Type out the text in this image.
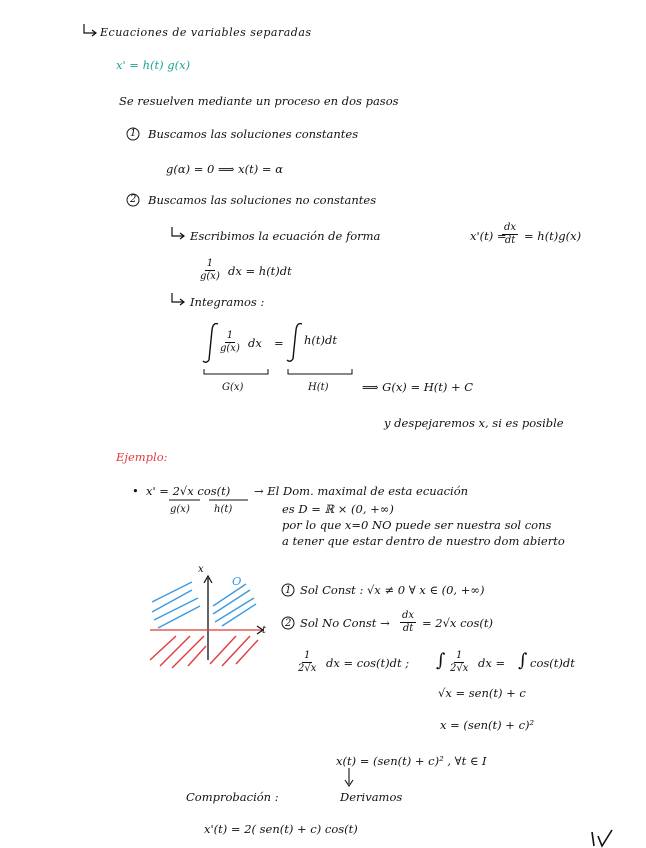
Ecuaciones de variables separadas
x' = h(t) g(x)
Se resuelven mediante un proceso en dos pasos
1 Buscamos las soluciones constantes
g(α) = 0 ⟹ x(t) = α
2 Buscamos las soluciones no constantes
Escribimos la ecuación de forma	x'(t) =
$\frac{dx}{dt} = h(t)g(x)$
$\frac{1}{g(x)}$ dx = h(t)dt
Integramos :
$\frac{1}{g(x)}$ dx = h(t)dt
G(x)	H(t)	⟹ G(x) = H(t) + C
y despejaremos x, si es posible
Ejemplo:
• x' = 2√x cos(t)
g(x) h(t)
→ El Dom. maximal de esta ecuación
es D = ℝ × (0, +∞)
por lo que x=0 NO puede ser nuestra sol cons
a tener que estar dentro de nuestro dom abierto
x
t
O
1 Sol Const : √x ≠ 0 ∀ x ∈ (0, +∞)
2 Sol No Const → $\frac{dx}{dt} = 2√x$ cos(t)
$\frac{1}{2√x}$ dx = cos(t)dt ; ∫ $\frac{1}{2√x}$ dx = ∫ cos(t)dt
√x = sen(t) + c
x = (sen(t) + c)²
x(t) = (sen(t) + c)² , ∀t ∈ I
Comprobación :	Derivamos
x'(t) = 2( sen(t) + c) cos(t)
